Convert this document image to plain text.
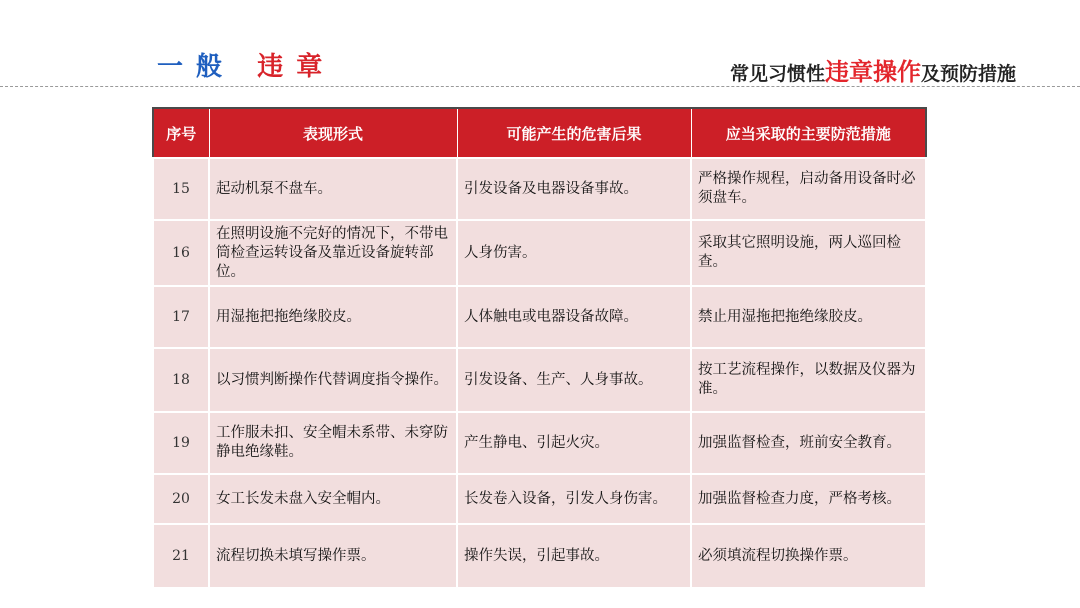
一 般 违 章	常见习惯性违章操作及预防措施
序号	表现形式	可能产生的危害后果	应当采取的主要防范措施
15	起动机泵不盘车。	引发设备及电器设备事故。	严格操作规程，启动备用设备时必须盘车。
16	在照明设施不完好的情况下，不带电筒检查运转设备及靠近设备旋转部位。	人身伤害。	采取其它照明设施，两人巡回检查。
17	用湿拖把拖绝缘胶皮。	人体触电或电器设备故障。	禁止用湿拖把拖绝缘胶皮。
18	以习惯判断操作代替调度指令操作。	引发设备、生产、人身事故。	按工艺流程操作，以数据及仪器为准。
19	工作服未扣、安全帽未系带、未穿防静电绝缘鞋。	产生静电、引起火灾。	加强监督检查，班前安全教育。
20	女工长发未盘入安全帽内。	长发卷入设备，引发人身伤害。	加强监督检查力度，严格考核。
21	流程切换未填写操作票。	操作失误，引起事故。	必须填流程切换操作票。
